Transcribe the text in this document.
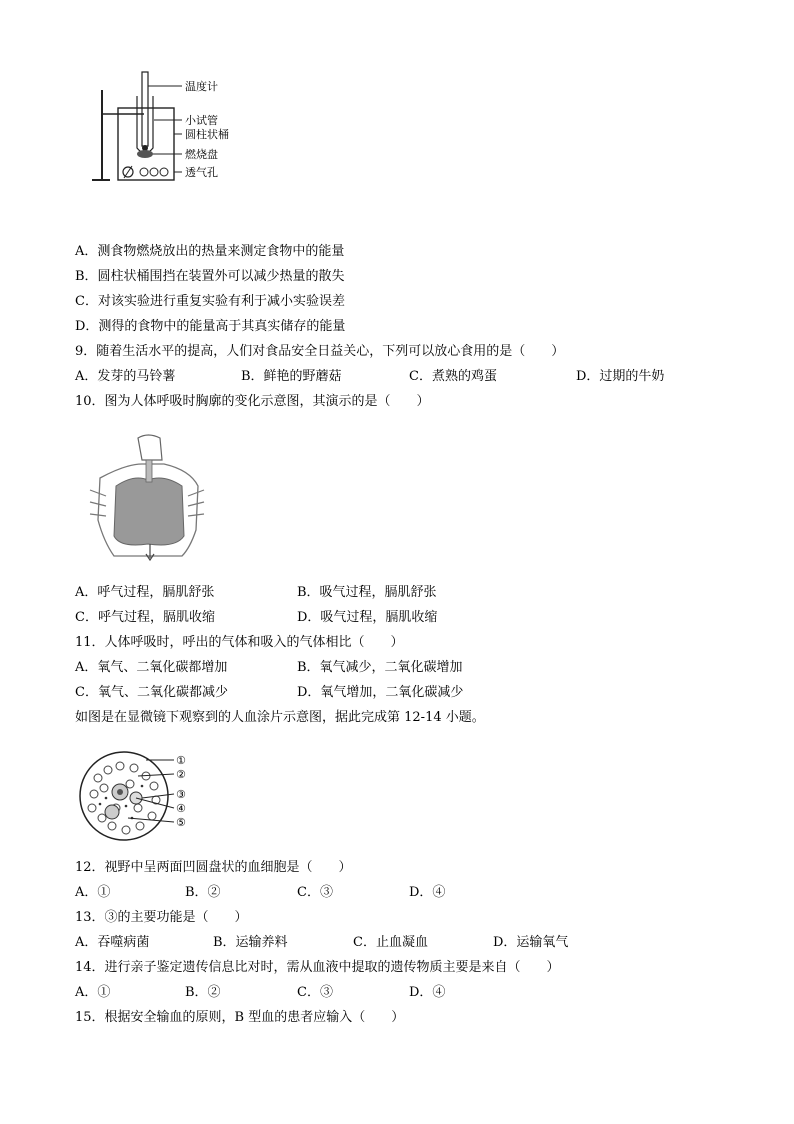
温度计
小试管
圆柱状桶
燃烧盘
透气孔
A．测食物燃烧放出的热量来测定食物中的能量
B．圆柱状桶围挡在装置外可以减少热量的散失
C．对该实验进行重复实验有利于减小实验误差
D．测得的食物中的能量高于其真实储存的能量
9．随着生活水平的提高，人们对食品安全日益关心，下列可以放心食用的是（　　）
A．发芽的马铃薯	B．鲜艳的野蘑菇	C．煮熟的鸡蛋	D．过期的牛奶
10．图为人体呼吸时胸廓的变化示意图，其演示的是（　　）
A．呼气过程，膈肌舒张	B．吸气过程，膈肌舒张
C．呼气过程，膈肌收缩	D．吸气过程，膈肌收缩
11．人体呼吸时，呼出的气体和吸入的气体相比（　　）
A．氧气、二氧化碳都增加	B．氧气减少，二氧化碳增加
C．氧气、二氧化碳都减少	D．氧气增加，二氧化碳减少
如图是在显微镜下观察到的人血涂片示意图，据此完成第 12-14 小题。
①
②
③
④
⑤
12．视野中呈两面凹圆盘状的血细胞是（　　）
A．①	B．②	C．③	D．④
13．③的主要功能是（　　）
A．吞噬病菌	B．运输养料	C．止血凝血	D．运输氧气
14．进行亲子鉴定遗传信息比对时，需从血液中提取的遗传物质主要是来自（　　）
A．①	B．②	C．③	D．④
15．根据安全输血的原则，B 型血的患者应输入（　　）
